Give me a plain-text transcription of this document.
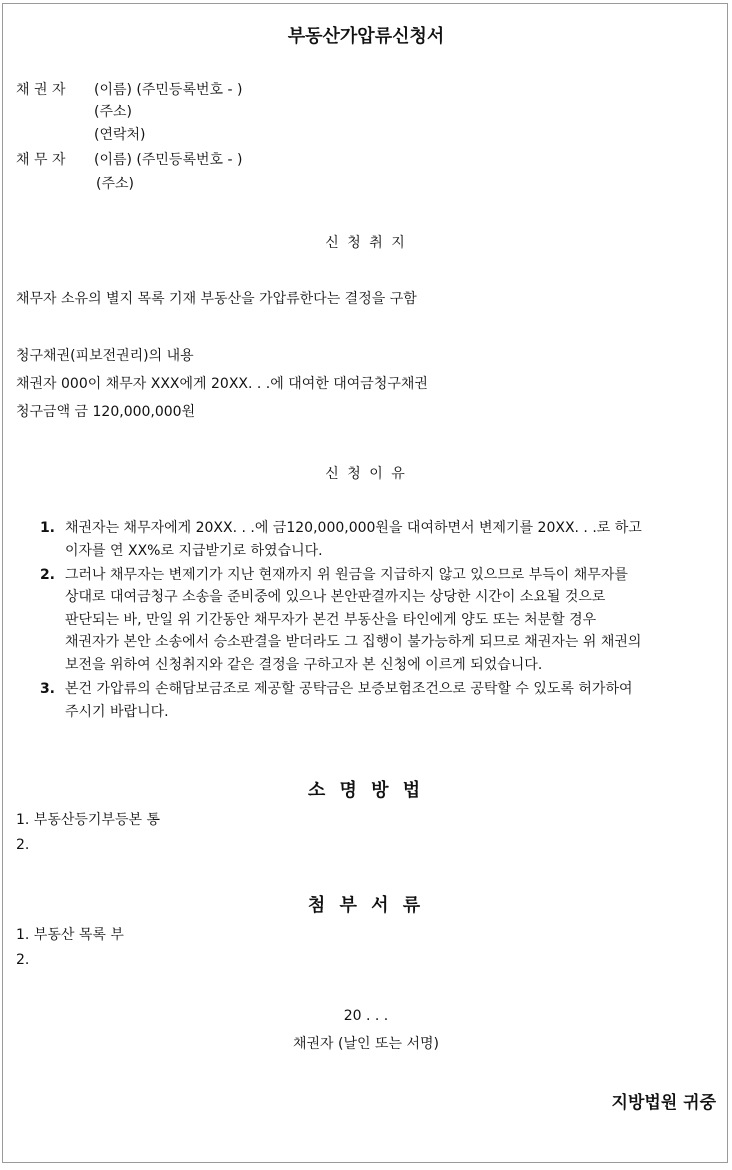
부동산가압류신청서
채 권 자 (이름) (주민등록번호 - )
(주소)
(연락처)
채 무 자 (이름) (주민등록번호 - )
(주소)
신 청 취 지
채무자 소유의 별지 목록 기재 부동산을 가압류한다는 결정을 구함
청구채권(피보전권리)의 내용
채권자 000이 채무자 XXX에게 20XX. . .에 대여한 대여금청구채권
청구금액 금 120,000,000원
신 청 이 유
1. 채권자는 채무자에게 20XX. . .에 금120,000,000원을 대여하면서 변제기를 20XX. . .로 하고
이자를 연 XX%로 지급받기로 하였습니다.
2. 그러나 채무자는 변제기가 지난 현재까지 위 원금을 지급하지 않고 있으므로 부득이 채무자를
상대로 대여금청구 소송을 준비중에 있으나 본안판결까지는 상당한 시간이 소요될 것으로
판단되는 바, 만일 위 기간동안 채무자가 본건 부동산을 타인에게 양도 또는 처분할 경우
채권자가 본안 소송에서 승소판결을 받더라도 그 집행이 불가능하게 되므로 채권자는 위 채권의
보전을 위하여 신청취지와 같은 결정을 구하고자 본 신청에 이르게 되었습니다.
3. 본건 가압류의 손해담보금조로 제공할 공탁금은 보증보험조건으로 공탁할 수 있도록 허가하여
주시기 바랍니다.
소 명 방 법
1. 부동산등기부등본 통
2.
첨 부 서 류
1. 부동산 목록 부
2.
20 . . .
채권자 (날인 또는 서명)
지방법원 귀중
